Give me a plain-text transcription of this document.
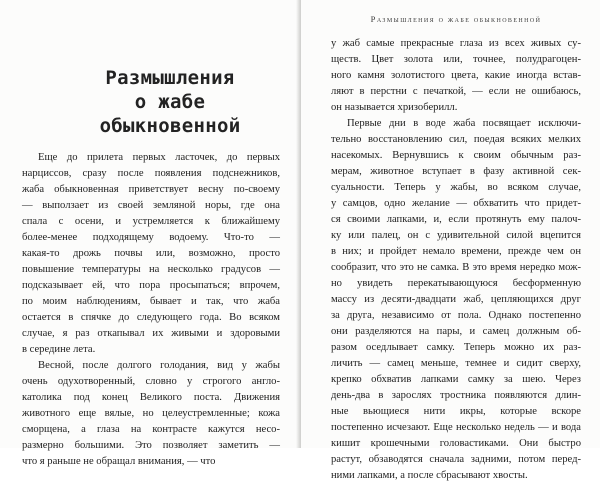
Размышления
о жабе обыкновенной
Еще до прилета первых ласточек, до первых
нарциссов, сразу после появления подснежников,
жаба обыкновенная приветствует весну по-своему
— выползает из своей земляной норы, где она
спала с осени, и устремляется к ближайшему
более-менее подходящему водоему. Что-то —
какая-то дрожь почвы или, возможно, просто
повышение температуры на несколько градусов —
подсказывает ей, что пора просыпаться; впрочем,
по моим наблюдениям, бывает и так, что жаба
остается в спячке до следующего года. Во всяком
случае, я раз откапывал их живыми и здоровыми
в середине лета.
Весной, после долгого голодания, вид у жабы
очень одухотворенный, словно у строгого англо-
католика под конец Великого поста. Движения
животного еще вялые, но целеустремленные; кожа
сморщена, а глаза на контрасте кажутся несо-
размерно большими. Это позволяет заметить —
что я раньше не обращал внимания, — что
Размышления о жабе обыкновенной
у жаб самые прекрасные глаза из всех живых су-
ществ. Цвет золота или, точнее, полудрагоцен-
ного камня золотистого цвета, какие иногда встав-
ляют в перстни с печаткой, — если не ошибаюсь,
он называется хризоберилл.
Первые дни в воде жаба посвящает исключи-
тельно восстановлению сил, поедая всяких мелких
насекомых. Вернувшись к своим обычным раз-
мерам, животное вступает в фазу активной сек-
суальности. Теперь у жабы, во всяком случае,
у самцов, одно желание — обхватить что придет-
ся своими лапками, и, если протянуть ему палоч-
ку или палец, он с удивительной силой вцепится
в них; и пройдет немало времени, прежде чем он
сообразит, что это не самка. В это время нередко мож-
но увидеть перекатывающуюся бесформенную
массу из десяти-двадцати жаб, цепляющихся друг
за друга, независимо от пола. Однако постепенно
они разделяются на пары, и самец должным об-
разом оседлывает самку. Теперь можно их раз-
личить — самец меньше, темнее и сидит сверху,
крепко обхватив лапками самку за шею. Через
день-два в зарослях тростника появляются длин-
ные вьющиеся нити икры, которые вскоре
постепенно исчезают. Еще несколько недель — и вода
кишит крошечными головастиками. Они быстро
растут, обзаводятся сначала задними, потом перед-
ними лапками, а после сбрасывают хвосты.
